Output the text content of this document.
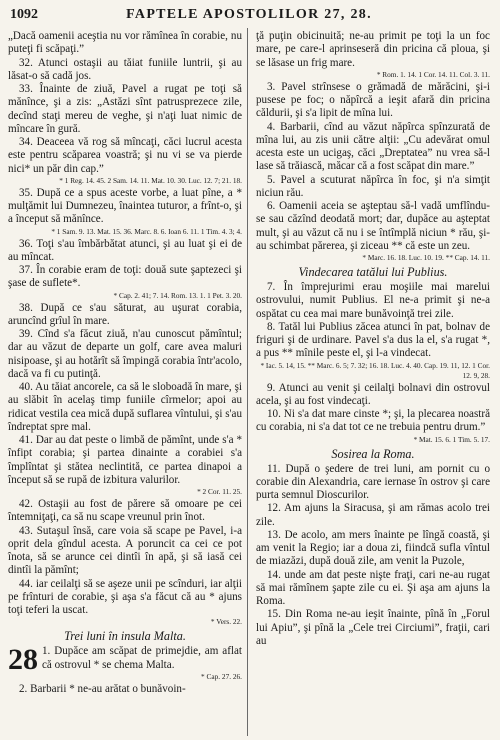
1092	FAPTELE APOSTOLILOR 27, 28.

„Dacă oamenii aceştia nu vor rămînea în corabie, nu puteţi fi scăpaţi.”

32. Atunci ostaşii au tăiat funiile luntrii, şi au lăsat-o să cadă jos.

33. Înainte de ziuă, Pavel a rugat pe toţi să mănînce, şi a zis: „Astăzi sînt patrusprezece zile, decînd staţi mereu de veghe, şi n'aţi luat nimic de mîncare în gură.

34. Deaceea vă rog să mîncaţi, căci lucrul acesta este pentru scăparea voastră; şi nu vi se va pierde nici* un păr din cap.”

* 1 Reg. 14. 45. 2 Sam. 14. 11. Mat. 10. 30. Luc. 12. 7; 21. 18.

35. După ce a spus aceste vorbe, a luat pîne, a * mulţămit lui Dumnezeu, înaintea tuturor, a frînt-o, şi a început să mănînce.

* 1 Sam. 9. 13. Mat. 15. 36. Marc. 8. 6. Ioan 6. 11. 1 Tim. 4. 3; 4.

36. Toţi s'au îmbărbătat atunci, şi au luat şi ei de au mîncat.

37. În corabie eram de toţi: două sute şaptezeci şi şase de suflete*.

* Cap. 2. 41; 7. 14. Rom. 13. 1. 1 Pet. 3. 20.

38. După ce s'au săturat, au uşurat corabia, aruncînd grîul în mare.

39. Cînd s'a făcut ziuă, n'au cunoscut pămîntul; dar au văzut de departe un golf, care avea maluri nisipoase, şi au hotărît să împingă corabia într'acolo, dacă va fi cu putinţă.

40. Au tăiat ancorele, ca să le sloboadă în mare, şi au slăbit în acelaş timp funiile cîrmelor; apoi au ridicat vestila cea mică după suflarea vîntului, şi s'au îndreptat spre mal.

41. Dar au dat peste o limbă de pămînt, unde s'a * înfipt corabia; şi partea dinainte a corabiei s'a împlîntat şi stătea neclintită, ce partea dinapoi a început să se rupă de izbitura valurilor.

* 2 Cor. 11. 25.

42. Ostaşii au fost de părere să omoare pe cei întemniţaţi, ca să nu scape vreunul prin înot.

43. Sutaşul însă, care voia să scape pe Pavel, i-a oprit dela gîndul acesta. A poruncit ca cei ce pot înota, să se arunce cei dintîi în apă, şi să iasă cei dintîi la pămînt;

44. iar ceilalţi să se aşeze unii pe scînduri, iar alţii pe frînturi de corabie, şi aşa s'a făcut că au * ajuns toţi teferi la uscat.

* Vers. 22.

Trei luni în insula Malta.

28 1. Dupăce am scăpat de primejdie, am aflat că ostrovul * se chema Malta.

* Cap. 27. 26.

2. Barbarii * ne-au arătat o bunăvoin-

ţă puţin obicinuită; ne-au primit pe toţi la un foc mare, pe care-l aprinseseră din pricina că ploua, şi se lăsase un frig mare.

* Rom. 1. 14. 1 Cor. 14. 11. Col. 3. 11.

3. Pavel strînsese o grămadă de mărăcini, şi-i pusese pe foc; o năpîrcă a ieşit afară din pricina căldurii, şi s'a lipit de mîna lui.

4. Barbarii, cînd au văzut năpîrca spînzurată de mîna lui, au zis unii către alţii: „Cu adevărat omul acesta este un ucigaş, căci „Dreptatea” nu vrea să-l lase să trăiască, măcar că a fost scăpat din mare.”

5. Pavel a scuturat năpîrca în foc, şi n'a simţit niciun rău.

6. Oamenii aceia se aşteptau să-l vadă umflîndu-se sau căzînd deodată mort; dar, dupăce au aşteptat mult, şi au văzut că nu i se întîmplă niciun * rău, şi-au schimbat părerea, şi ziceau ** că este un zeu.

* Marc. 16. 18. Luc. 10. 19. ** Cap. 14. 11.

Vindecarea tatălui lui Publius.

7. În împrejurimi erau moşiile mai marelui ostrovului, numit Publius. El ne-a primit şi ne-a ospătat cu cea mai mare bunăvoinţă trei zile.

8. Tatăl lui Publius zăcea atunci în pat, bolnav de friguri şi de urdinare. Pavel s'a dus la el, s'a rugat *, a pus ** mînile peste el, şi l-a vindecat.

* Iac. 5. 14, 15. ** Marc. 6. 5; 7. 32; 16. 18. Luc. 4. 40. Cap. 19. 11, 12. 1 Cor. 12. 9, 28.

9. Atunci au venit şi ceilalţi bolnavi din ostrovul acela, şi au fost vindecaţi.

10. Ni s'a dat mare cinste *; şi, la plecarea noastră cu corabia, ni s'a dat tot ce ne trebuia pentru drum.”

* Mat. 15. 6. 1 Tim. 5. 17.

Sosirea la Roma.

11. După o şedere de trei luni, am pornit cu o corabie din Alexandria, care iernase în ostrov şi care purta semnul Dioscurilor.

12. Am ajuns la Siracusa, şi am rămas acolo trei zile.

13. De acolo, am mers înainte pe lîngă coastă, şi am venit la Regio; iar a doua zi, fiindcă sufla vîntul de miazăzi, după două zile, am venit la Puzole,

14. unde am dat peste nişte fraţi, cari ne-au rugat să mai rămînem şapte zile cu ei. Şi aşa am ajuns la Roma.

15. Din Roma ne-au ieşit înainte, pînă în „Forul lui Apiu”, şi pînă la „Cele trei Circiumi”, fraţii, cari au
